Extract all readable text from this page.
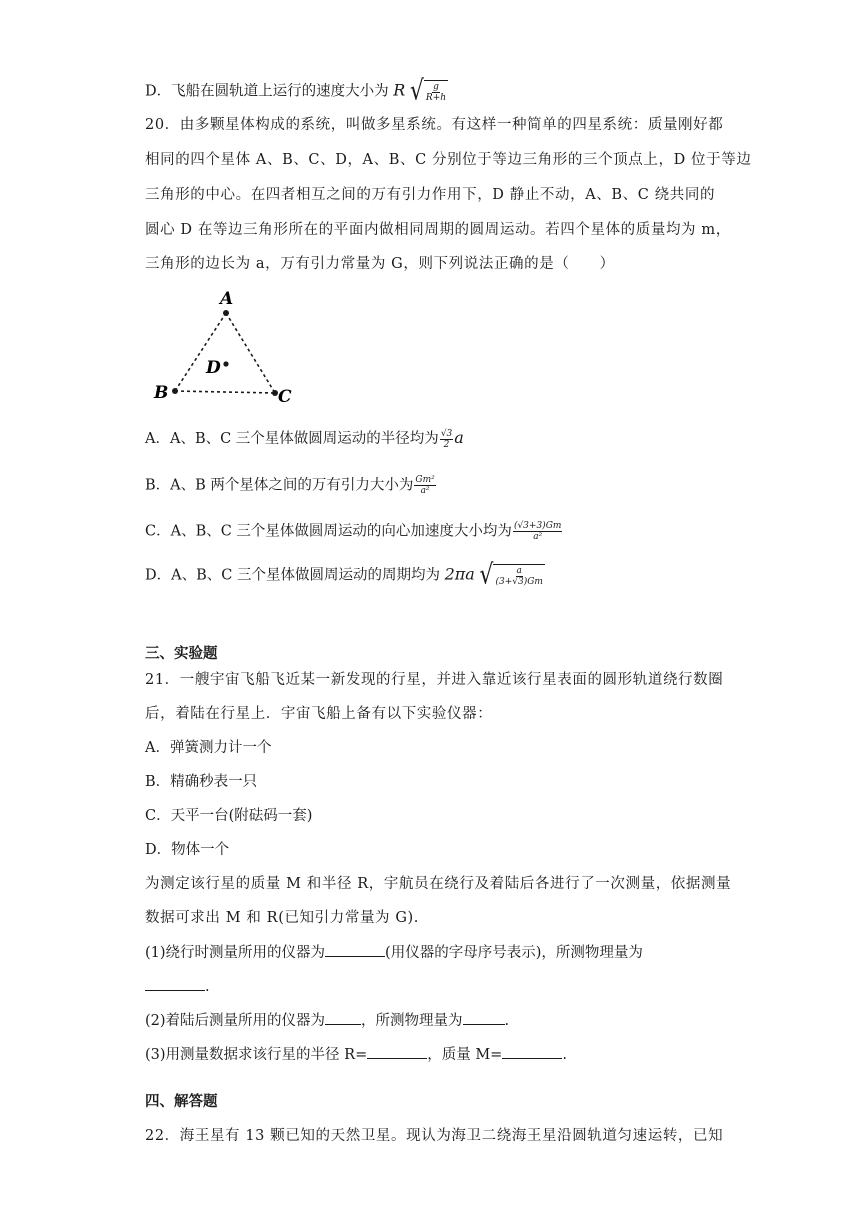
D．飞船在圆轨道上运行的速度大小为 R √ $\frac{g}{R+h}$
20．由多颗星体构成的系统，叫做多星系统。有这样一种简单的四星系统：质量刚好都
相同的四个星体 A、B、C、D，A、B、C 分别位于等边三角形的三个顶点上，D 位于等边
三角形的中心。在四者相互之间的万有引力作用下，D 静止不动，A、B、C 绕共同的
圆心 D 在等边三角形所在的平面内做相同周期的圆周运动。若四个星体的质量均为 m，
三角形的边长为 a，万有引力常量为 G，则下列说法正确的是（　　）
A
B	C
D
A．A、B、C 三个星体做圆周运动的半径均为 $\frac{√3}{2}$ a
B．A、B 两个星体之间的万有引力大小为 $\frac{\text{Gm²}}{\text{a²}}$
C．A、B、C 三个星体做圆周运动的向心加速度大小均为 $\frac{(√3+3)Gm}{\text{a²}}$
D．A、B、C 三个星体做圆周运动的周期均为 2πa √ $\frac{a}{(3+√3)Gm}$
三、实验题
21．一艘宇宙飞船飞近某一新发现的行星，并进入靠近该行星表面的圆形轨道绕行数圈
后，着陆在行星上．宇宙飞船上备有以下实验仪器：
A．弹簧测力计一个
B．精确秒表一只
C．天平一台(附砝码一套)
D．物体一个
为测定该行星的质量 M 和半径 R，宇航员在绕行及着陆后各进行了一次测量，依据测量
数据可求出 M 和 R(已知引力常量为 G).
(1)绕行时测量所用的仪器为	(用仪器的字母序号表示)，所测物理量为
.
(2)着陆后测量所用的仪器为 ，所测物理量为	.
(3)用测量数据求该行星的半径 R=	，质量 M=	.
四、解答题
22．海王星有 13 颗已知的天然卫星。现认为海卫二绕海王星沿圆轨道匀速运转，已知
